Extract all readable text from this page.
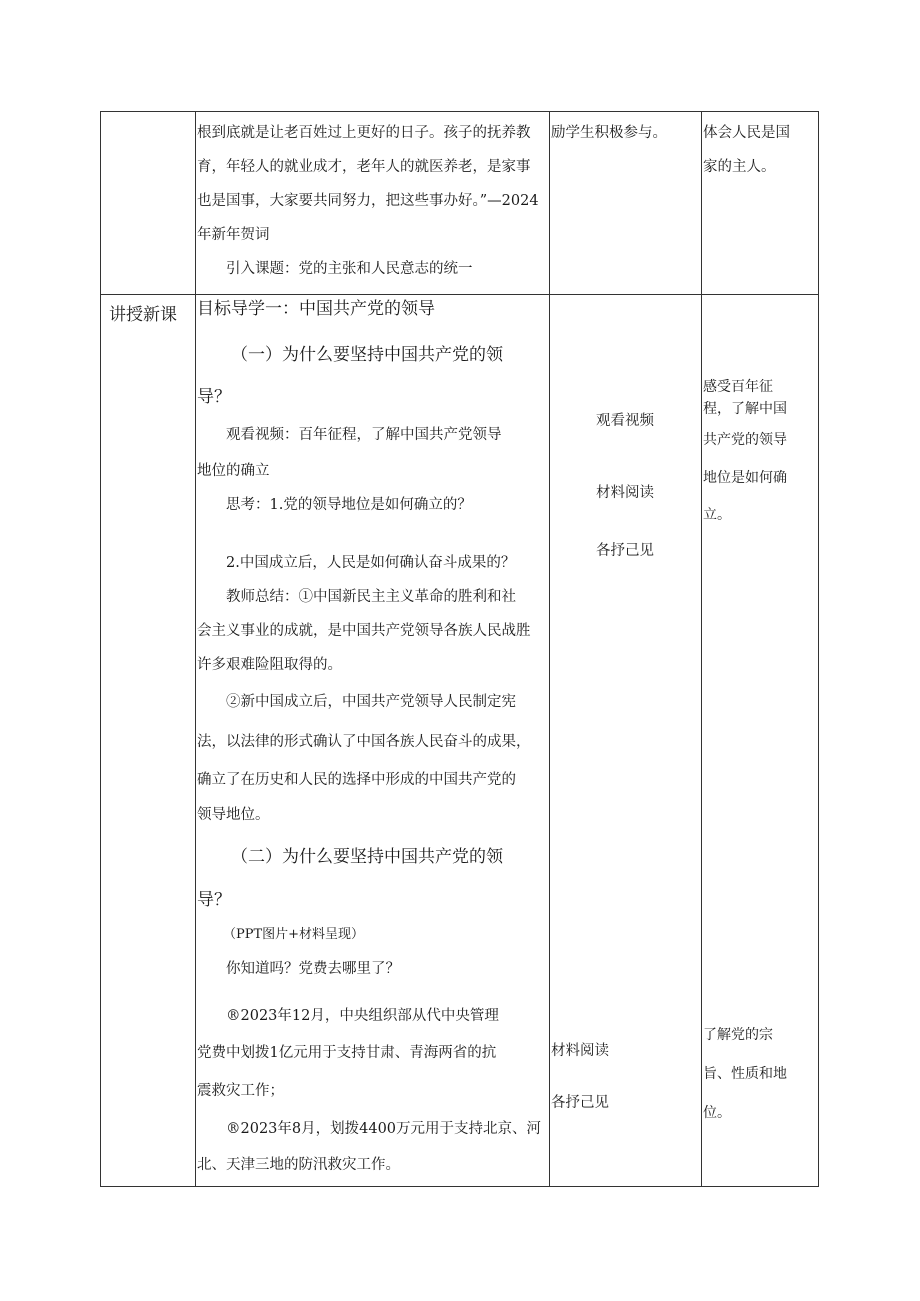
根到底就是让老百姓过上更好的日子。孩子的抚养教

育，年轻人的就业成才，老年人的就医养老，是家事

也是国事，大家要共同努力，把这些事办好。”—2024

年新年贺词

引入课题：党的主张和人民意志的统一

励学生积极参与。	体会人民是国

家的主人。

讲授新课	目标导学一：中国共产党的领导

（一）为什么要坚持中国共产党的领

导？

观看视频：百年征程，了解中国共产党领导

地位的确立

思考：1.党的领导地位是如何确立的？

2.中国成立后，人民是如何确认奋斗成果的？

教师总结：①中国新民主主义革命的胜利和社

会主义事业的成就，是中国共产党领导各族人民战胜

许多艰难险阻取得的。

②新中国成立后，中国共产党领导人民制定宪

法，以法律的形式确认了中国各族人民奋斗的成果，

确立了在历史和人民的选择中形成的中国共产党的

领导地位。

（二）为什么要坚持中国共产党的领

导？

（PPT图片+材料呈现）

你知道吗？党费去哪里了？

®2023年12月，中央组织部从代中央管理

党费中划拨1亿元用于支持甘肃、青海两省的抗

震救灾工作；

®2023年8月，划拨4400万元用于支持北京、河

北、天津三地的防汛救灾工作。

观看视频
材料阅读
各抒己见
材料阅读
各抒己见

感受百年征

程，了解中国

共产党的领导

地位是如何确

立。

了解党的宗

旨、性质和地

位。
